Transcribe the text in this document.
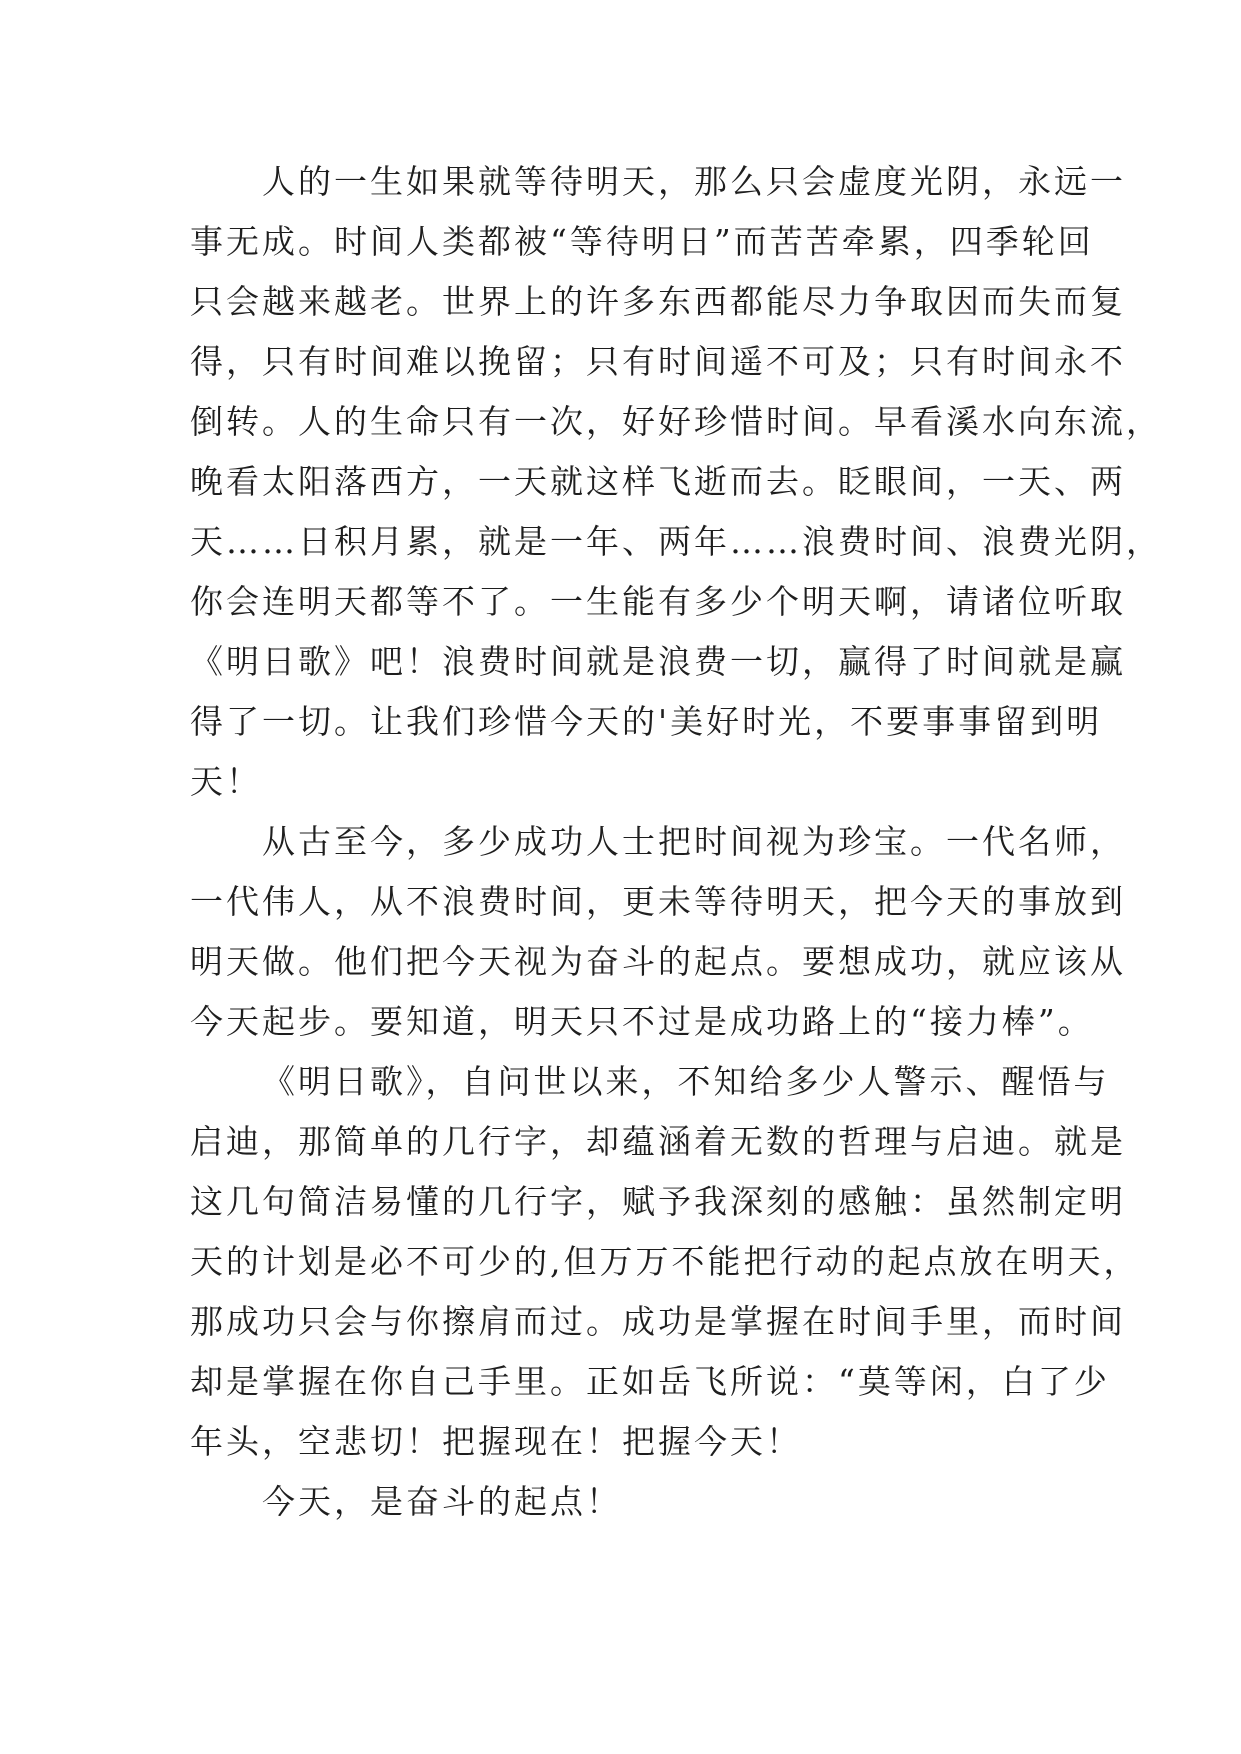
人的一生如果就等待明天，那么只会虚度光阴，永远一
事无成。时间人类都被“等待明日”而苦苦牵累，四季轮回
只会越来越老。世界上的许多东西都能尽力争取因而失而复
得，只有时间难以挽留；只有时间遥不可及；只有时间永不
倒转。人的生命只有一次，好好珍惜时间。早看溪水向东流，
晚看太阳落西方，一天就这样飞逝而去。眨眼间，一天、两
天……日积月累，就是一年、两年……浪费时间、浪费光阴，
你会连明天都等不了。一生能有多少个明天啊，请诸位听取
《明日歌》吧！浪费时间就是浪费一切，赢得了时间就是赢
得了一切。让我们珍惜今天的'美好时光，不要事事留到明
天！
从古至今，多少成功人士把时间视为珍宝。一代名师，
一代伟人，从不浪费时间，更未等待明天，把今天的事放到
明天做。他们把今天视为奋斗的起点。要想成功，就应该从
今天起步。要知道，明天只不过是成功路上的“接力棒”。
《明日歌》，自问世以来，不知给多少人警示、醒悟与
启迪，那简单的几行字，却蕴涵着无数的哲理与启迪。就是
这几句简洁易懂的几行字，赋予我深刻的感触：虽然制定明
天的计划是必不可少的,但万万不能把行动的起点放在明天，
那成功只会与你擦肩而过。成功是掌握在时间手里，而时间
却是掌握在你自己手里。正如岳飞所说：“莫等闲，白了少
年头，空悲切！把握现在！把握今天！
今天，是奋斗的起点！
